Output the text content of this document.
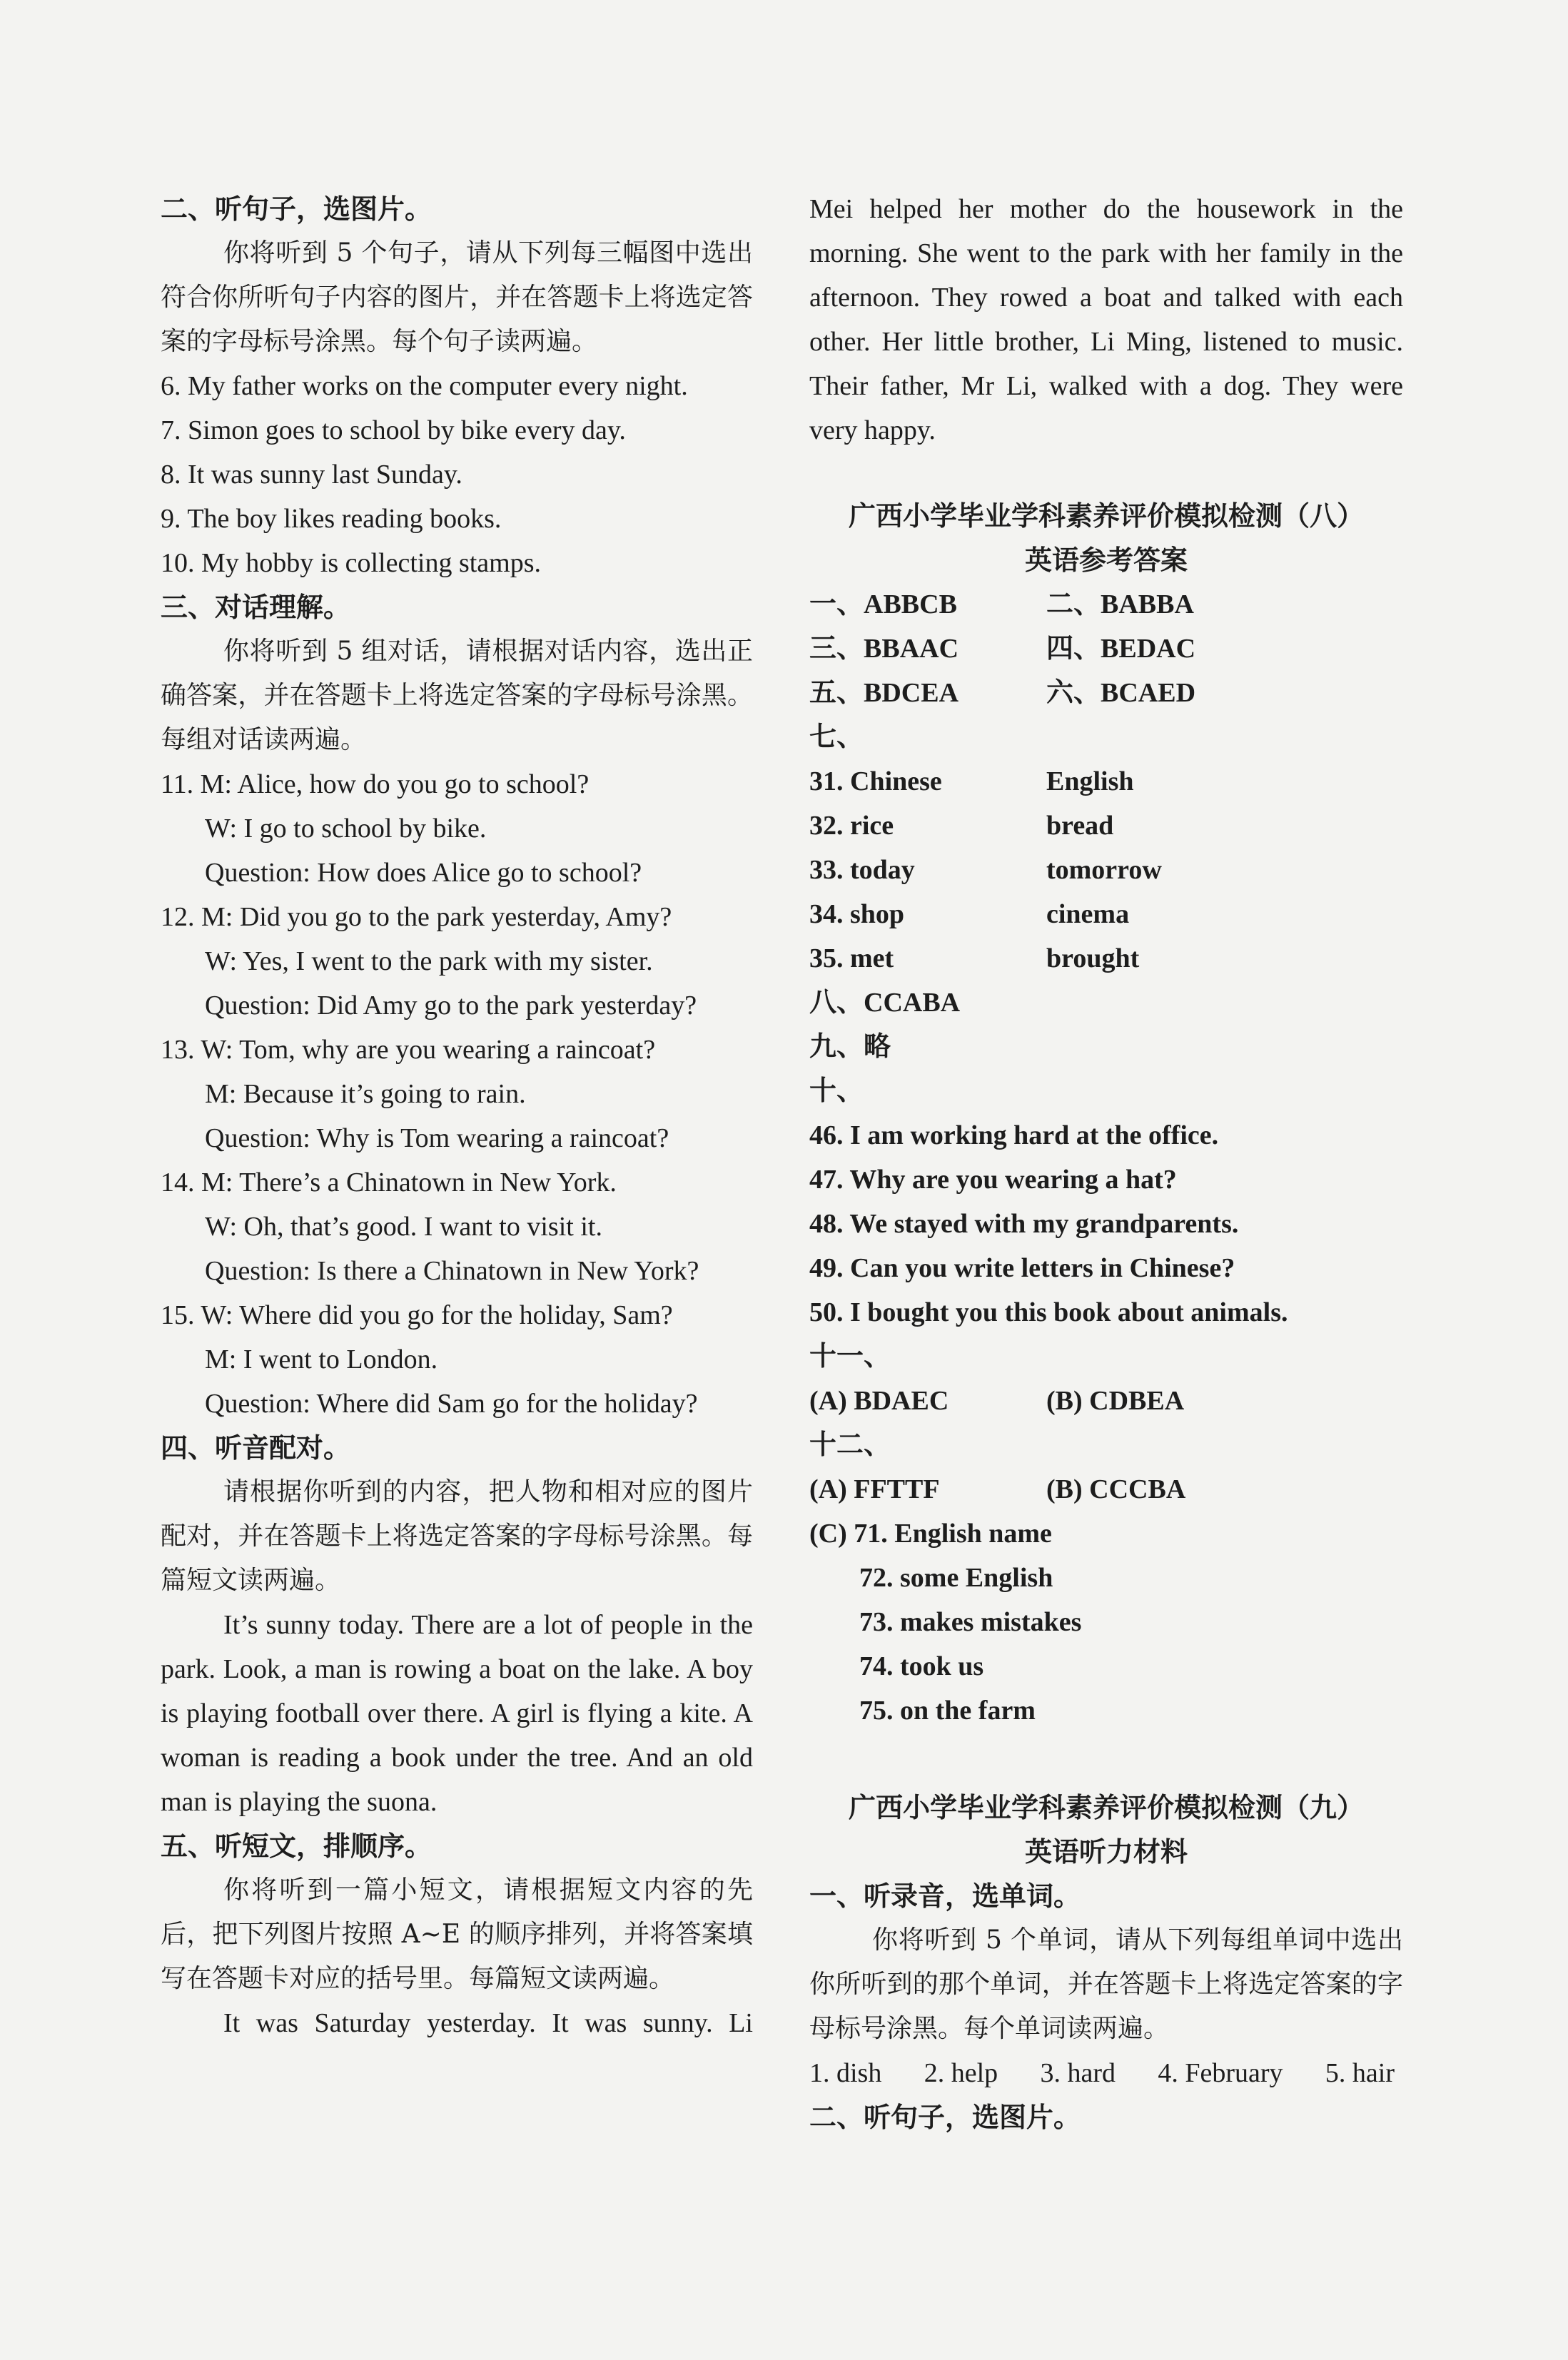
二、听句子，选图片。
你将听到 5 个句子，请从下列每三幅图中选出符合你所听句子内容的图片，并在答题卡上将选定答案的字母标号涂黑。每个句子读两遍。
6. My father works on the computer every night.
7. Simon goes to school by bike every day.
8. It was sunny last Sunday.
9. The boy likes reading books.
10. My hobby is collecting stamps.
三、对话理解。
你将听到 5 组对话，请根据对话内容，选出正确答案，并在答题卡上将选定答案的字母标号涂黑。每组对话读两遍。
11. M: Alice, how do you go to school?
W: I go to school by bike.
Question: How does Alice go to school?
12. M: Did you go to the park yesterday, Amy?
W: Yes, I went to the park with my sister.
Question: Did Amy go to the park yesterday?
13. W: Tom, why are you wearing a raincoat?
M: Because it’s going to rain.
Question: Why is Tom wearing a raincoat?
14. M: There’s a Chinatown in New York.
W: Oh, that’s good. I want to visit it.
Question: Is there a Chinatown in New York?
15. W: Where did you go for the holiday, Sam?
M: I went to London.
Question: Where did Sam go for the holiday?
四、听音配对。
请根据你听到的内容，把人物和相对应的图片配对，并在答题卡上将选定答案的字母标号涂黑。每篇短文读两遍。
It’s sunny today. There are a lot of people in the park. Look, a man is rowing a boat on the lake. A boy is playing football over there. A girl is flying a kite. A woman is reading a book under the tree. And an old man is playing the suona.
五、听短文，排顺序。
你将听到一篇小短文，请根据短文内容的先后，把下列图片按照 A~E 的顺序排列，并将答案填写在答题卡对应的括号里。每篇短文读两遍。
It was Saturday yesterday. It was sunny. Li
Mei helped her mother do the housework in the morning. She went to the park with her family in the afternoon. They rowed a boat and talked with each other. Her little brother, Li Ming, listened to music. Their father, Mr Li, walked with a dog. They were very happy.
广西小学毕业学科素养评价模拟检测（八）
英语参考答案
一、ABBCB	二、BABBA
三、BBAAC	四、BEDAC
五、BDCEA	六、BCAED
七、
31. Chinese	English
32. rice	bread
33. today	tomorrow
34. shop	cinema
35. met	brought
八、CCABA
九、略
十、
46. I am working hard at the office.
47. Why are you wearing a hat?
48. We stayed with my grandparents.
49. Can you write letters in Chinese?
50. I bought you this book about animals.
十一、
(A) BDAEC	(B) CDBEA
十二、
(A) FFTTF	(B) CCCBA
(C) 71. English name
72. some English
73. makes mistakes
74. took us
75. on the farm
广西小学毕业学科素养评价模拟检测（九）
英语听力材料
一、听录音，选单词。
你将听到 5 个单词，请从下列每组单词中选出你所听到的那个单词，并在答题卡上将选定答案的字母标号涂黑。每个单词读两遍。
1. dish 2. help 3. hard 4. February 5. hair
二、听句子，选图片。
